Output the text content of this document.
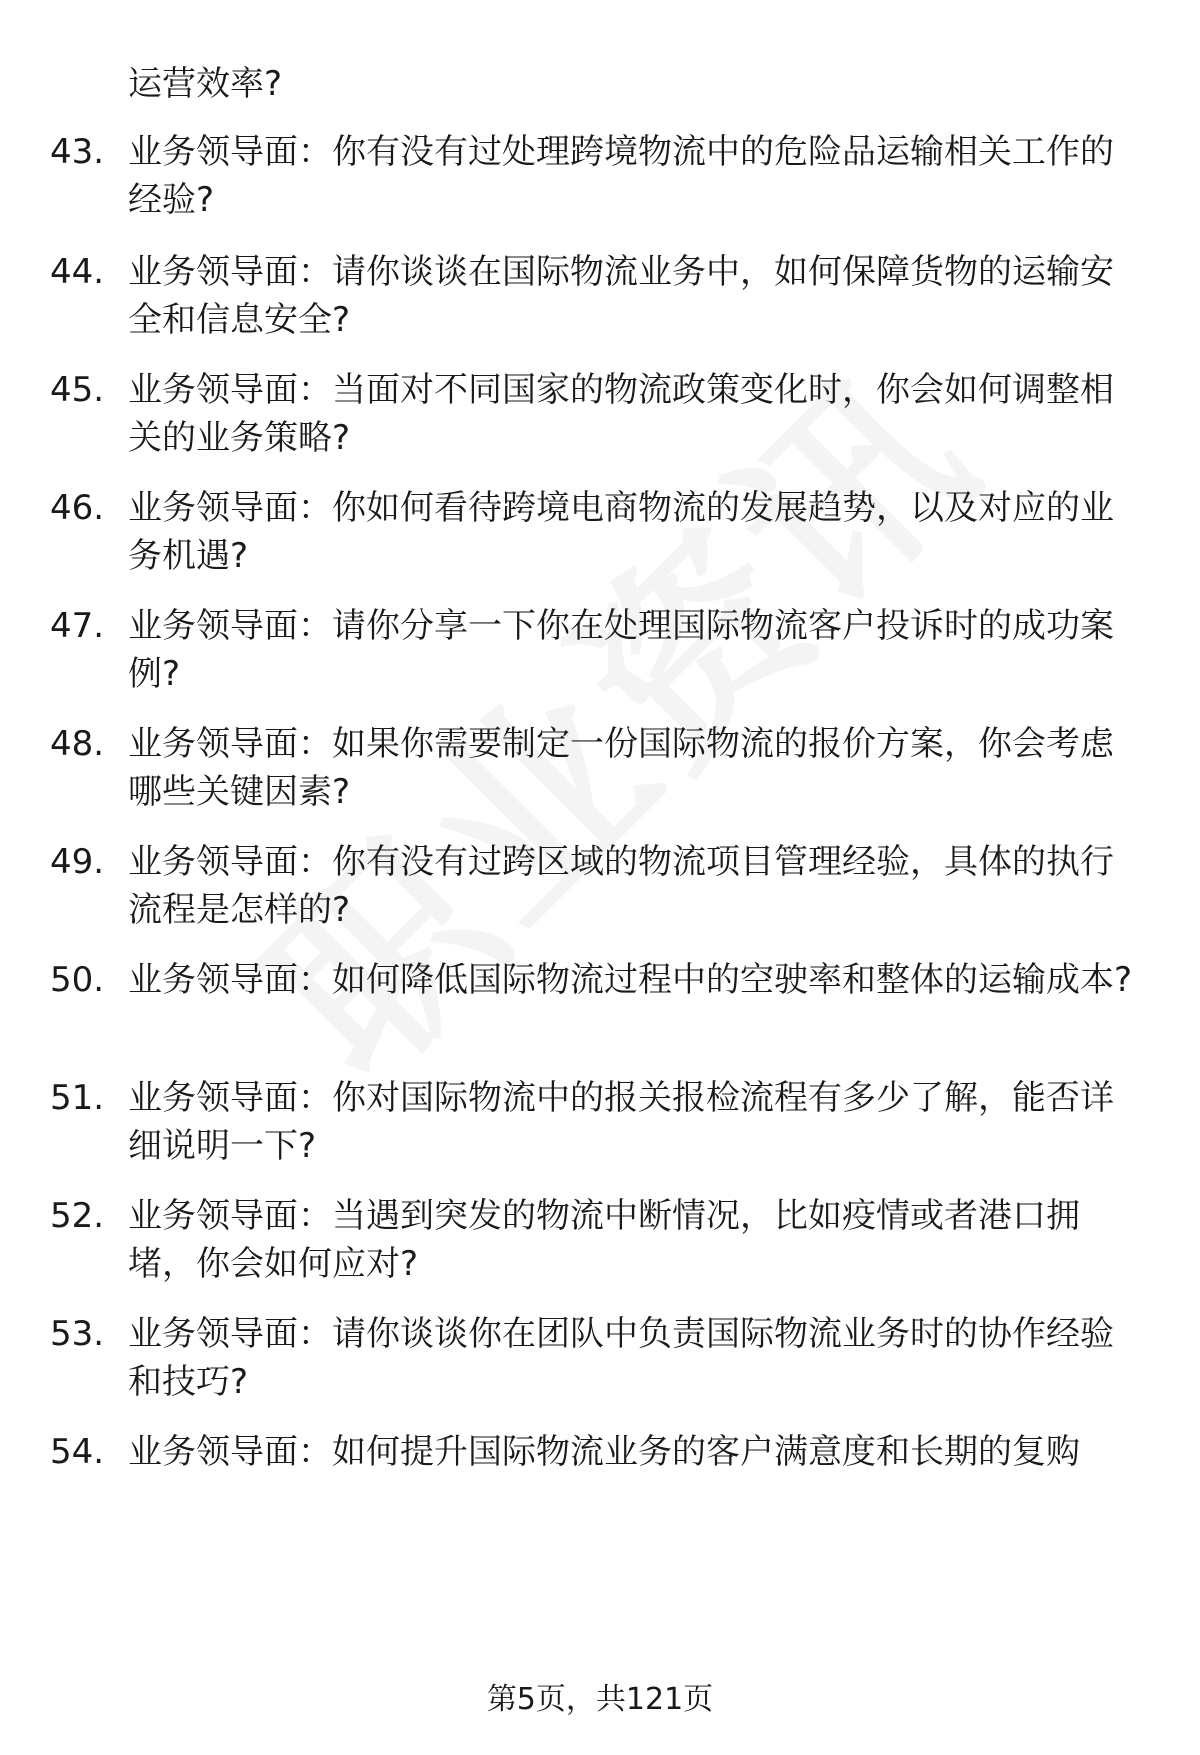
运营效率?
43. 业务领导面：你有没有过处理跨境物流中的危险品运输相关工作的经验?
44. 业务领导面：请你谈谈在国际物流业务中，如何保障货物的运输安全和信息安全?
45. 业务领导面：当面对不同国家的物流政策变化时，你会如何调整相关的业务策略?
46. 业务领导面：你如何看待跨境电商物流的发展趋势，以及对应的业务机遇?
47. 业务领导面：请你分享一下你在处理国际物流客户投诉时的成功案例?
48. 业务领导面：如果你需要制定一份国际物流的报价方案，你会考虑哪些关键因素?
49. 业务领导面：你有没有过跨区域的物流项目管理经验，具体的执行流程是怎样的?
50. 业务领导面：如何降低国际物流过程中的空驶率和整体的运输成本?
51. 业务领导面：你对国际物流中的报关报检流程有多少了解，能否详细说明一下?
52. 业务领导面：当遇到突发的物流中断情况，比如疫情或者港口拥堵，你会如何应对?
53. 业务领导面：请你谈谈你在团队中负责国际物流业务时的协作经验和技巧?
54. 业务领导面：如何提升国际物流业务的客户满意度和长期的复购
第5页，共121页
